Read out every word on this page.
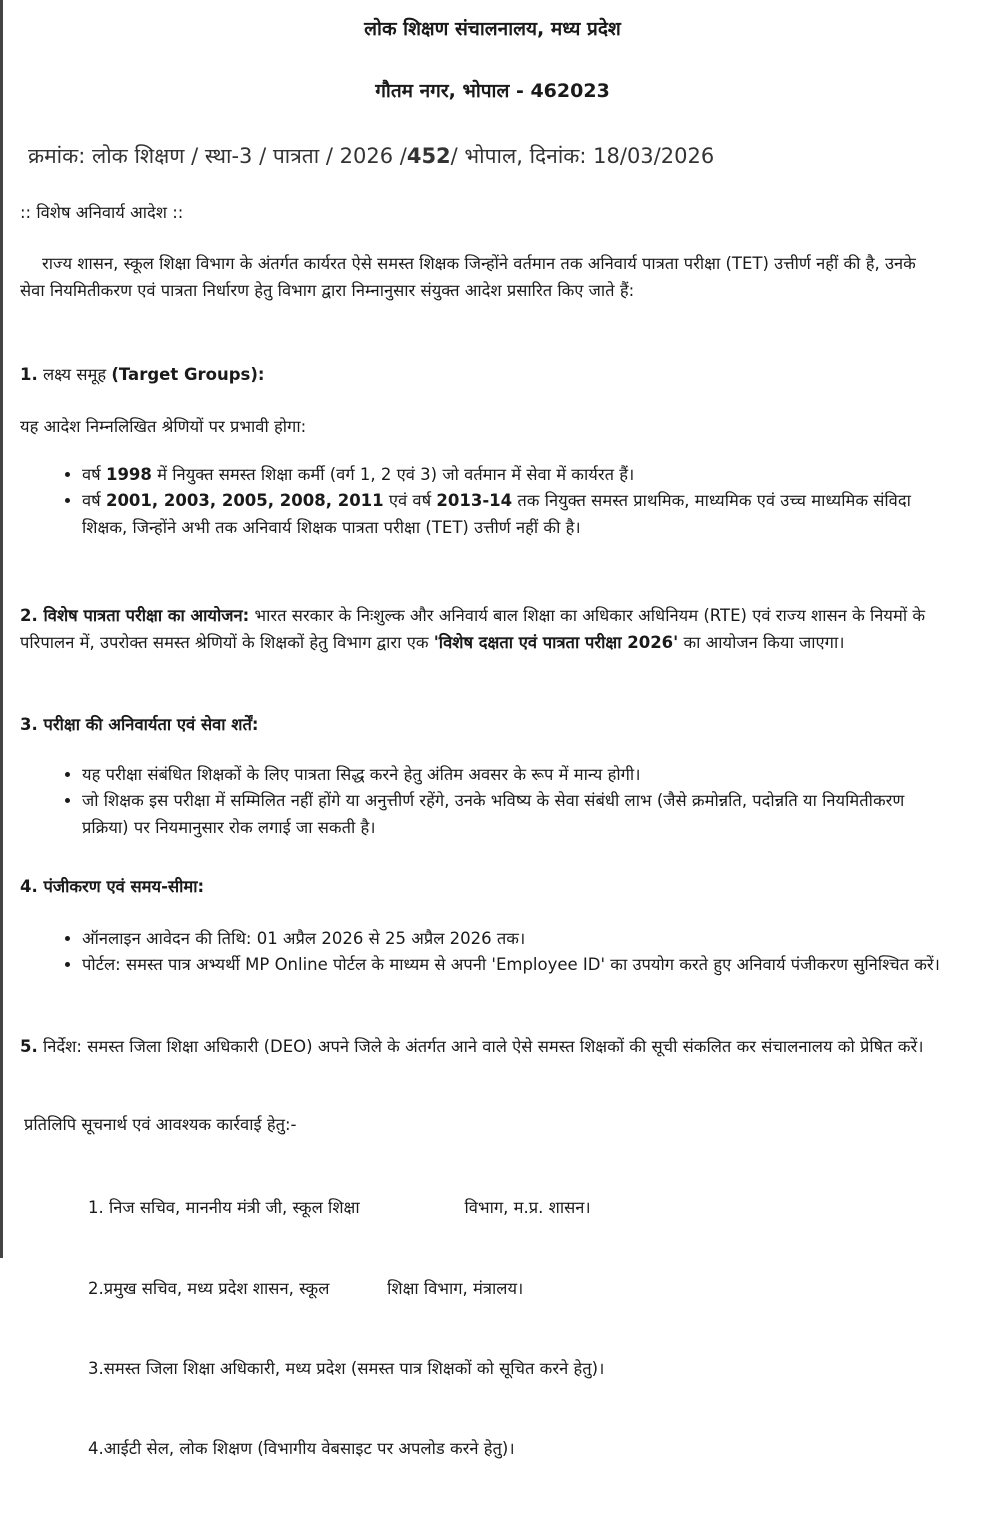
लोक शिक्षण संचालनालय, मध्य प्रदेश
गौतम नगर, भोपाल - 462023
क्रमांक: लोक शिक्षण / स्था-3 / पात्रता / 2026 /452/ भोपाल, दिनांक: 18/03/2026
:: विशेष अनिवार्य आदेश ::
राज्य शासन, स्कूल शिक्षा विभाग के अंतर्गत कार्यरत ऐसे समस्त शिक्षक जिन्होंने वर्तमान तक अनिवार्य पात्रता परीक्षा (TET) उत्तीर्ण नहीं की है, उनके सेवा नियमितीकरण एवं पात्रता निर्धारण हेतु विभाग द्वारा निम्नानुसार संयुक्त आदेश प्रसारित किए जाते हैं:
1. लक्ष्य समूह (Target Groups):
यह आदेश निम्नलिखित श्रेणियों पर प्रभावी होगा:
• वर्ष 1998 में नियुक्त समस्त शिक्षा कर्मी (वर्ग 1, 2 एवं 3) जो वर्तमान में सेवा में कार्यरत हैं।
• वर्ष 2001, 2003, 2005, 2008, 2011 एवं वर्ष 2013-14 तक नियुक्त समस्त प्राथमिक, माध्यमिक एवं उच्च माध्यमिक संविदा शिक्षक, जिन्होंने अभी तक अनिवार्य शिक्षक पात्रता परीक्षा (TET) उत्तीर्ण नहीं की है।
2. विशेष पात्रता परीक्षा का आयोजन: भारत सरकार के निःशुल्क और अनिवार्य बाल शिक्षा का अधिकार अधिनियम (RTE) एवं राज्य शासन के नियमों के परिपालन में, उपरोक्त समस्त श्रेणियों के शिक्षकों हेतु विभाग द्वारा एक 'विशेष दक्षता एवं पात्रता परीक्षा 2026' का आयोजन किया जाएगा।
3. परीक्षा की अनिवार्यता एवं सेवा शर्तें:
• यह परीक्षा संबंधित शिक्षकों के लिए पात्रता सिद्ध करने हेतु अंतिम अवसर के रूप में मान्य होगी।
• जो शिक्षक इस परीक्षा में सम्मिलित नहीं होंगे या अनुत्तीर्ण रहेंगे, उनके भविष्य के सेवा संबंधी लाभ (जैसे क्रमोन्नति, पदोन्नति या नियमितीकरण प्रक्रिया) पर नियमानुसार रोक लगाई जा सकती है।
4. पंजीकरण एवं समय-सीमा:
• ऑनलाइन आवेदन की तिथि: 01 अप्रैल 2026 से 25 अप्रैल 2026 तक।
• पोर्टल: समस्त पात्र अभ्यर्थी MP Online पोर्टल के माध्यम से अपनी 'Employee ID' का उपयोग करते हुए अनिवार्य पंजीकरण सुनिश्चित करें।
5. निर्देश: समस्त जिला शिक्षा अधिकारी (DEO) अपने जिले के अंतर्गत आने वाले ऐसे समस्त शिक्षकों की सूची संकलित कर संचालनालय को प्रेषित करें।
प्रतिलिपि सूचनार्थ एवं आवश्यक कार्रवाई हेतु:-

1. निज सचिव, माननीय मंत्री जी, स्कूल शिक्षा                    विभाग, म.प्र. शासन।

2.प्रमुख सचिव, मध्य प्रदेश शासन, स्कूल           शिक्षा विभाग, मंत्रालय।

3.समस्त जिला शिक्षा अधिकारी, मध्य प्रदेश (समस्त पात्र शिक्षकों को सूचित करने हेतु)।

4.आईटी सेल, लोक शिक्षण (विभागीय वेबसाइट पर अपलोड करने हेतु)।
